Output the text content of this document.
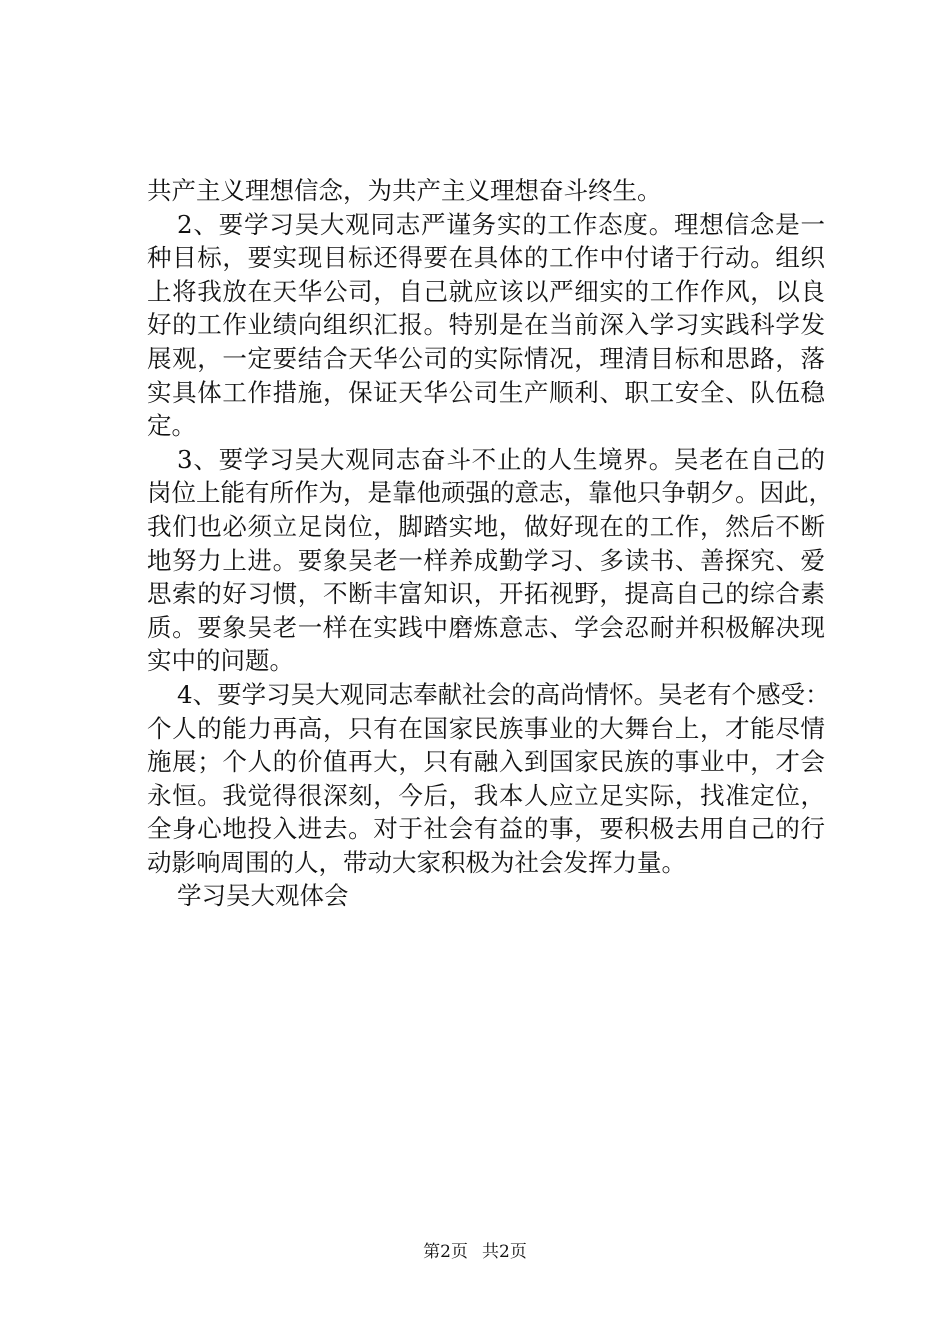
共产主义理想信念，为共产主义理想奋斗终生。
2、要学习吴大观同志严谨务实的工作态度。理想信念是一
种目标，要实现目标还得要在具体的工作中付诸于行动。组织
上将我放在天华公司，自己就应该以严细实的工作作风，以良
好的工作业绩向组织汇报。特别是在当前深入学习实践科学发
展观，一定要结合天华公司的实际情况，理清目标和思路，落
实具体工作措施，保证天华公司生产顺利、职工安全、队伍稳
定。
3、要学习吴大观同志奋斗不止的人生境界。吴老在自己的
岗位上能有所作为，是靠他顽强的意志，靠他只争朝夕。因此，
我们也必须立足岗位，脚踏实地，做好现在的工作，然后不断
地努力上进。要象吴老一样养成勤学习、多读书、善探究、爱
思索的好习惯，不断丰富知识，开拓视野，提高自己的综合素
质。要象吴老一样在实践中磨炼意志、学会忍耐并积极解决现
实中的问题。
4、要学习吴大观同志奉献社会的高尚情怀。吴老有个感受：
个人的能力再高，只有在国家民族事业的大舞台上，才能尽情
施展；个人的价值再大，只有融入到国家民族的事业中，才会
永恒。我觉得很深刻，今后，我本人应立足实际，找准定位，
全身心地投入进去。对于社会有益的事，要积极去用自己的行
动影响周围的人，带动大家积极为社会发挥力量。
学习吴大观体会
第2页 共2页
